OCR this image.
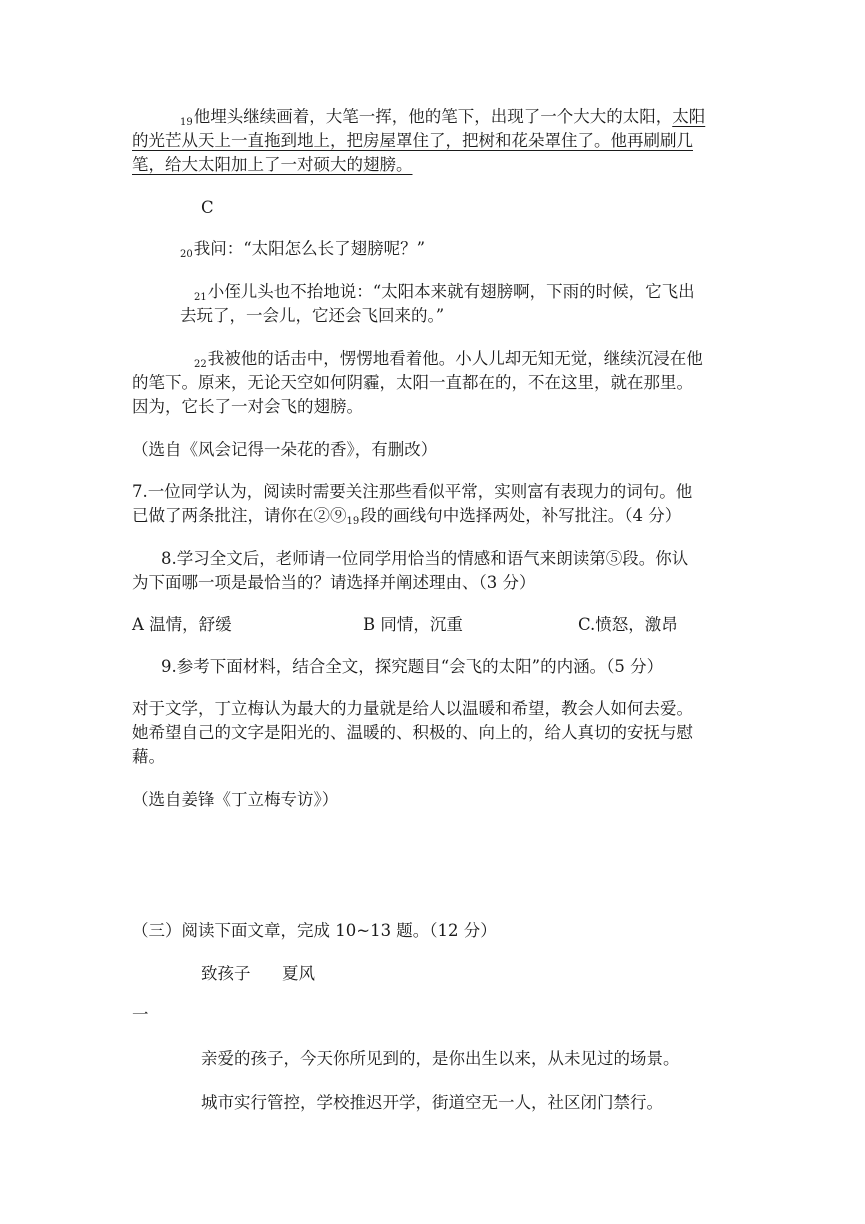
$_{19}$他埋头继续画着，大笔一挥，他的笔下，出现了一个大大的太阳，太阳
的光芒从天上一直拖到地上，把房屋罩住了，把树和花朵罩住了。他再刷刷几
笔，给大太阳加上了一对硕大的翅膀。
C
$_{20}$我问：“太阳怎么长了翅膀呢？”
$_{21}$小侄儿头也不抬地说：“太阳本来就有翅膀啊，下雨的时候，它飞出
去玩了，一会儿，它还会飞回来的。”
$_{22}$我被他的话击中，愣愣地看着他。小人儿却无知无觉，继续沉浸在他
的笔下。原来，无论天空如何阴霾，太阳一直都在的，不在这里，就在那里。
因为，它长了一对会飞的翅膀。
（选自《风会记得一朵花的香》，有删改）
7.一位同学认为，阅读时需要关注那些看似平常，实则富有表现力的词句。他
已做了两条批注，请你在$②⑨_{19}$段的画线句中选择两处，补写批注。（4 分）
8.学习全文后，老师请一位同学用恰当的情感和语气来朗读第⑤段。你认
为下面哪一项是最恰当的？请选择并阐述理由、（3 分）
A 温情，舒缓	B 同情，沉重	C.愤怒，激昂
9.参考下面材料，结合全文，探究题目“会飞的太阳”的内涵。（5 分）
对于文学，丁立梅认为最大的力量就是给人以温暖和希望，教会人如何去爱。
她希望自己的文字是阳光的、温暖的、积极的、向上的，给人真切的安抚与慰
藉。
（选自姜锋《丁立梅专访》）
（三）阅读下面文章，完成 10~13 题。（12 分）
致孩子 夏风
一
亲爱的孩子，今天你所见到的，是你出生以来，从未见过的场景。
城市实行管控，学校推迟开学，街道空无一人，社区闭门禁行。
